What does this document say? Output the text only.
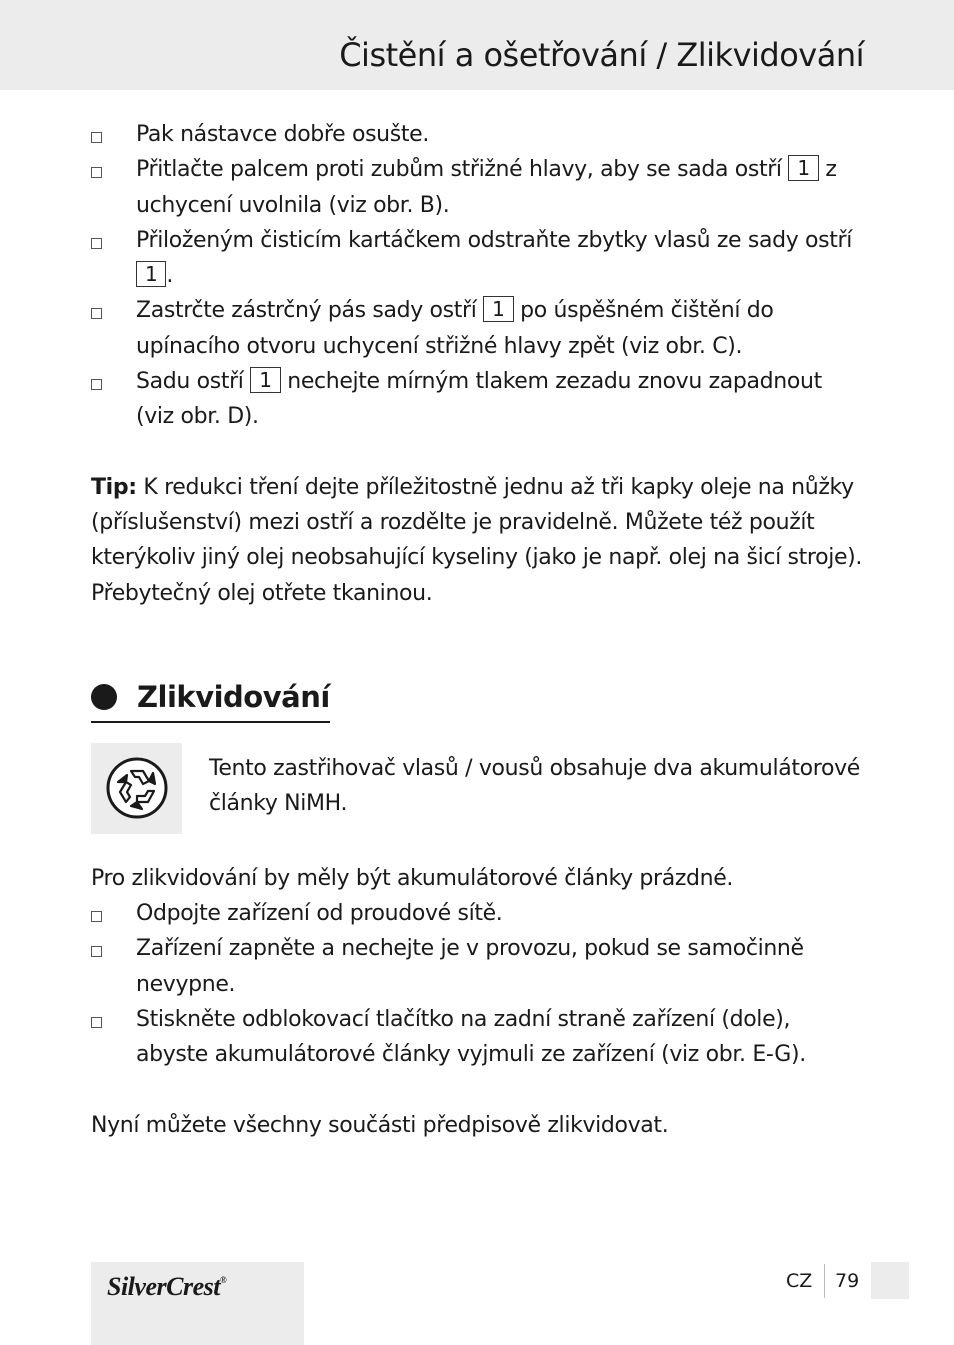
Čistění a ošetřování / Zlikvidování
Pak nástavce dobře osušte.
Přitlačte palcem proti zubům střižné hlavy, aby se sada ostří 1 z uchycení uvolnila (viz obr. B).
Přiloženým čisticím kartáčkem odstraňte zbytky vlasů ze sady ostří 1 .
Zastrčte zástrčný pás sady ostří 1 po úspěšném čištění do upínacího otvoru uchycení střižné hlavy zpět (viz obr. C).
Sadu ostří 1 nechejte mírným tlakem zezadu znovu zapadnout (viz obr. D).

Tip: K redukci tření dejte příležitostně jednu až tři kapky oleje na nůžky (příslušenství) mezi ostří a rozdělte je pravidelně. Můžete též použít kterýkoliv jiný olej neobsahující kyseliny (jako je např. olej na šicí stroje). Přebytečný olej otřete tkaninou.

Zlikvidování
Tento zastřihovač vlasů / vousů obsahuje dva akumulátorové články NiMH.

Pro zlikvidování by měly být akumulátorové články prázdné.

Odpojte zařízení od proudové sítě.
Zařízení zapněte a nechejte je v provozu, pokud se samočinně nevypne.
Stiskněte odblokovací tlačítko na zadní straně zařízení (dole), abyste akumulátorové články vyjmuli ze zařízení (viz obr. E-G).

Nyní můžete všechny součásti předpisově zlikvidovat.

SilverCrest®	CZ 79
